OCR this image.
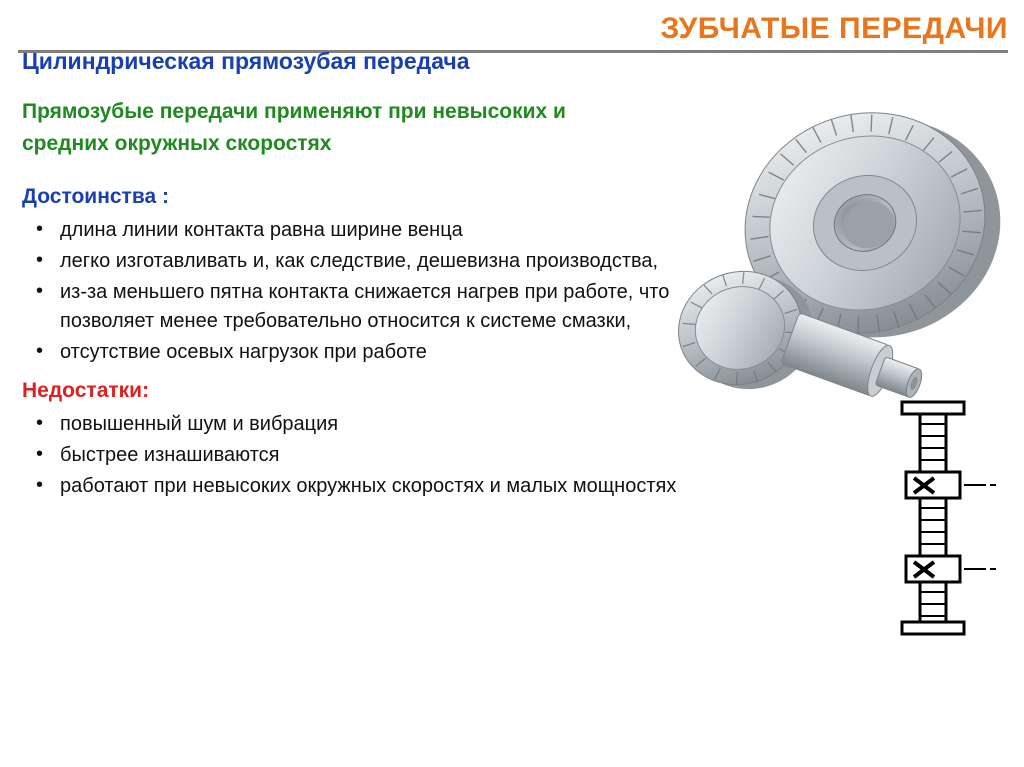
ЗУБЧАТЫЕ ПЕРЕДАЧИ
Цилиндрическая прямозубая передача

Прямозубые передачи применяют при невысоких и средних окружных скоростях

Достоинства :
• длина линии контакта равна ширине венца
• легко изготавливать и, как следствие, дешевизна производства,
• из-за меньшего пятна контакта снижается нагрев при работе, что позволяет менее требовательно относится к системе смазки,
• отсутствие осевых нагрузок при работе
Недостатки:
• повышенный шум и вибрация
• быстрее изнашиваются
• работают при невысоких окружных скоростях и малых мощностях
